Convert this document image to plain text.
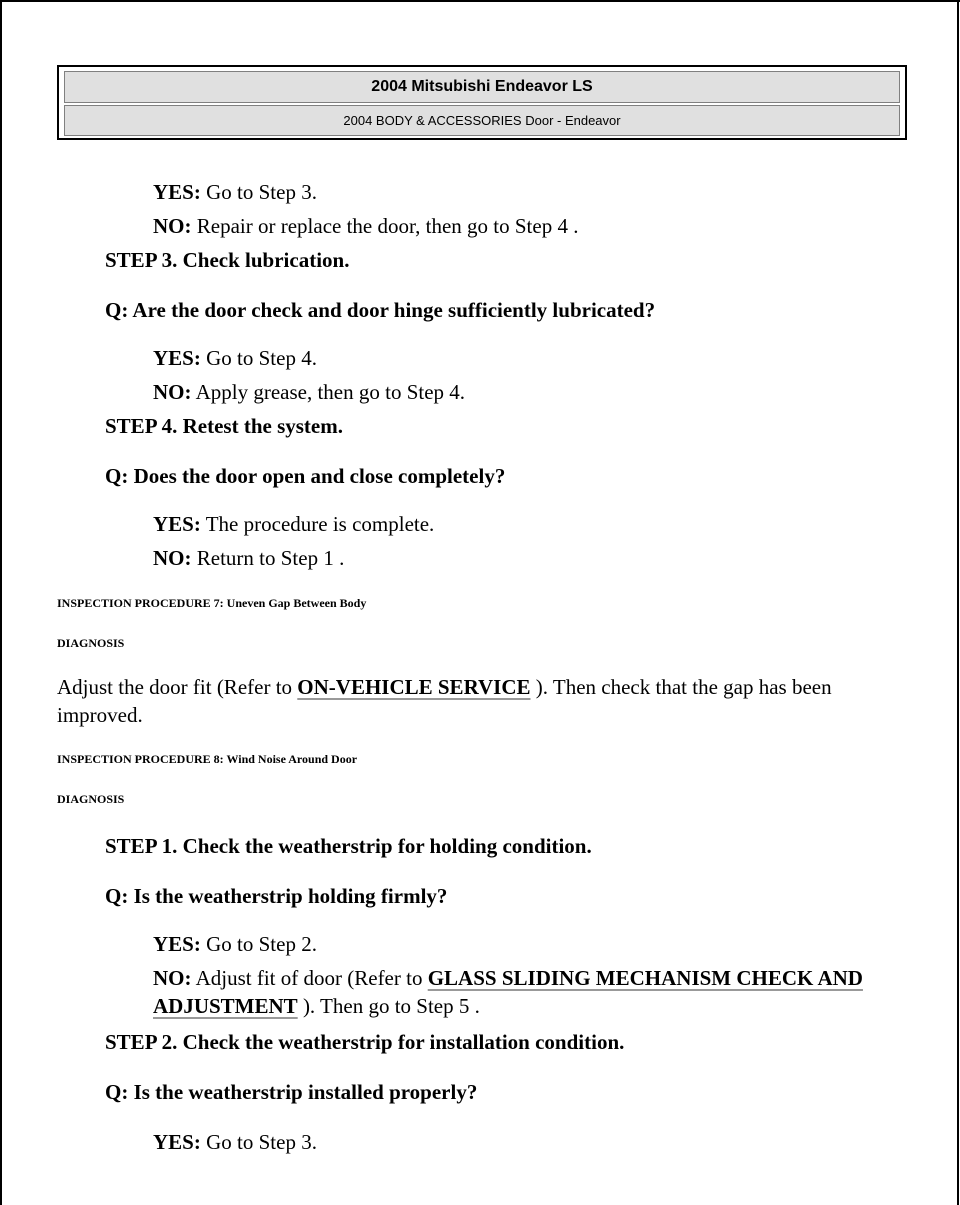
2004 Mitsubishi Endeavor LS
2004 BODY & ACCESSORIES Door - Endeavor
YES: Go to Step 3.
NO: Repair or replace the door, then go to Step 4 .
STEP 3. Check lubrication.
Q: Are the door check and door hinge sufficiently lubricated?
YES: Go to Step 4.
NO: Apply grease, then go to Step 4.
STEP 4. Retest the system.
Q: Does the door open and close completely?
YES: The procedure is complete.
NO: Return to Step 1 .
INSPECTION PROCEDURE 7: Uneven Gap Between Body
DIAGNOSIS
Adjust the door fit (Refer to ON-VEHICLE SERVICE ). Then check that the gap has been improved.
INSPECTION PROCEDURE 8: Wind Noise Around Door
DIAGNOSIS
STEP 1. Check the weatherstrip for holding condition.
Q: Is the weatherstrip holding firmly?
YES: Go to Step 2.
NO: Adjust fit of door (Refer to GLASS SLIDING MECHANISM CHECK AND ADJUSTMENT ). Then go to Step 5 .
STEP 2. Check the weatherstrip for installation condition.
Q: Is the weatherstrip installed properly?
YES: Go to Step 3.
